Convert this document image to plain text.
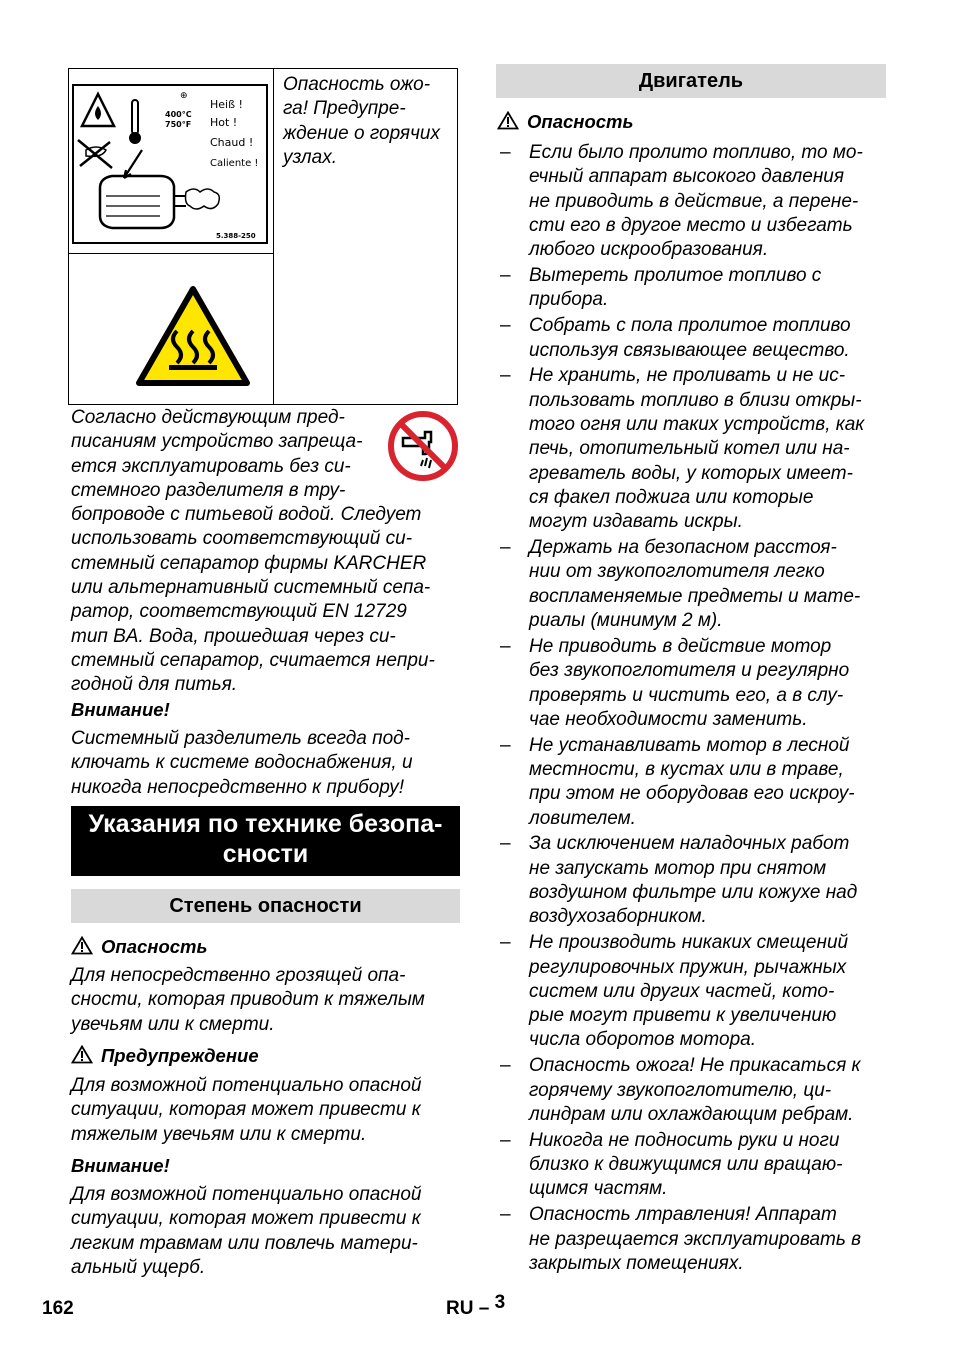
⊕
400°C
750°F
Heiß !
Hot !
Chaud !
Caliente !
5.388-250
Опасность ожо-
га! Предупре-
ждение о горячих
узлах.
Согласно действующим пред-
писаниям устройство запреща-
ется эксплуатировать без си-
стемного разделителя в тру-
бопроводе с питьевой водой. Следует
использовать соответствующий си-
стемный сепаратор фирмы KARCHER
или альтернативный системный сепа-
ратор, соответствующий EN 12729
тип BA. Вода, прошедшая через си-
стемный сепаратор, считается непри-
годной для питья.
Внимание!
Системный разделитель всегда под-
ключать к системе водоснабжения, и
никогда непосредственно к прибору!
Указания по технике безопа-
сности
Степень опасности
Опасность
Для непосредственно грозящей опа-
сности, которая приводит к тяжелым
увечьям или к смерти.
Предупреждение
Для возможной потенциально опасной
ситуации, которая может привести к
тяжелым увечьям или к смерти.
Внимание!
Для возможной потенциально опасной
ситуации, которая может привести к
легким травмам или повлечь матери-
альный ущерб.
Двигатель
Опасность
– Если было пролито топливо, то мо-
ечный аппарат высокого давления
не приводить в действие, а перене-
сти его в другое место и избегать
любого искрообразования.
– Вытереть пролитое топливо с
прибора.
– Собрать с пола пролитое топливо
используя связывающее вещество.
– Не хранить, не проливать и не ис-
пользовать топливо в близи откры-
того огня или таких устройств, как
печь, отопительный котел или на-
греватель воды, у которых имеет-
ся факел поджига или которые
могут издавать искры.
– Держать на безопасном расстоя-
нии от звукопоглотителя легко
воспламеняемые предметы и мате-
риалы (минимум 2 м).
– Не приводить в действие мотор
без звукопоглотителя и регулярно
проверять и чистить его, а в слу-
чае необходимости заменить.
– Не устанавливать мотор в лесной
местности, в кустах или в траве,
при этом не оборудовав его искроу-
ловителем.
– За исключением наладочных работ
не запускать мотор при снятом
воздушном фильтре или кожухе над
воздухозаборником.
– Не производить никаких смещений
регулировочных пружин, рычажных
систем или других частей, кото-
рые могут привети к увеличению
числа оборотов мотора.
– Опасность ожога! Не прикасаться к
горячему звукопоглотителю, ци-
линдрам или охлаждающим ребрам.
– Никогда не подносить руки и ноги
близко к движущимся или вращаю-
щимся частям.
– Опасность лтравления! Аппарат
не разрещается эксплуатировать в
закрытых помещениях.
162	RU – 3
